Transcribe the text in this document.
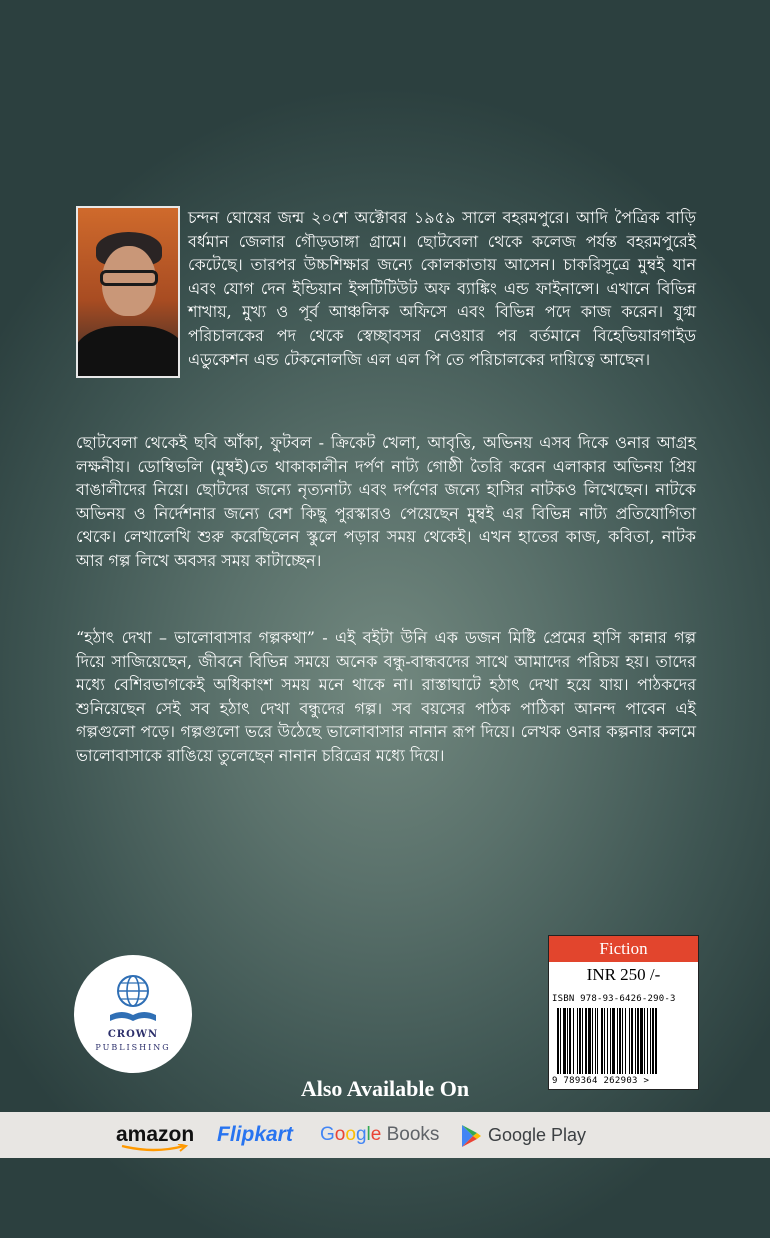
চন্দন ঘোষের জন্ম ২০শে অক্টোবর ১৯৫৯ সালে বহরমপুরে। আদি পৈত্রিক বাড়ি বর্ধমান জেলার গৌড়ডাঙ্গা গ্রামে। ছোটবেলা থেকে কলেজ পর্যন্ত বহরমপুরেই কেটেছে। তারপর উচ্চশিক্ষার জন্যে কোলকাতায় আসেন। চাকরিসূত্রে মুম্বই যান এবং যোগ দেন ইন্ডিয়ান ইন্সটিটিউট অফ ব্যাঙ্কিং এন্ড ফাইনান্সে। এখানে বিভিন্ন শাখায়, মুখ্য ও পূর্ব আঞ্চলিক অফিসে এবং বিভিন্ন পদে কাজ করেন। যুগ্ম পরিচালকের পদ থেকে স্বেচ্ছাবসর নেওয়ার পর বর্তমানে বিহেভিয়ারগাইড এডুকেশন এন্ড টেকনোলজি এল এল পি তে পরিচালকের দায়িত্বে আছেন।

ছোটবেলা থেকেই ছবি আঁকা, ফুটবল - ক্রিকেট খেলা, আবৃত্তি, অভিনয় এসব দিকে ওনার আগ্রহ লক্ষনীয়। ডোম্বিভলি (মুম্বই)তে থাকাকালীন দর্পণ নাট্য গোষ্ঠী তৈরি করেন এলাকার অভিনয় প্রিয় বাঙালীদের নিয়ে। ছোটদের জন্যে নৃত্যনাট্য এবং দর্পণের জন্যে হাসির নাটকও লিখেছেন। নাটকে অভিনয় ও নির্দেশনার জন্যে বেশ কিছু পুরস্কারও পেয়েছেন মুম্বই এর বিভিন্ন নাট্য প্রতিযোগিতা থেকে। লেখালেখি শুরু করেছিলেন স্কুলে পড়ার সময় থেকেই। এখন হাতের কাজ, কবিতা, নাটক আর গল্প লিখে অবসর সময় কাটাচ্ছেন।

“হঠাৎ দেখা – ভালোবাসার গল্পকথা” - এই বইটা উনি এক ডজন মিষ্টি প্রেমের হাসি কান্নার গল্প দিয়ে সাজিয়েছেন, জীবনে বিভিন্ন সময়ে অনেক বন্ধু-বান্ধবদের সাথে আমাদের পরিচয় হয়। তাদের মধ্যে বেশিরভাগকেই অধিকাংশ সময় মনে থাকে না। রাস্তাঘাটে হঠাৎ দেখা হয়ে যায়। পাঠকদের শুনিয়েছেন সেই সব হঠাৎ দেখা বন্ধুদের গল্প। সব বয়সের পাঠক পাঠিকা আনন্দ পাবেন এই গল্পগুলো পড়ে। গল্পগুলো ভরে উঠেছে ভালোবাসার নানান রূপ দিয়ে। লেখক ওনার কল্পনার কলমে ভালোবাসাকে রাঙিয়ে তুলেছেন নানান চরিত্রের মধ্যে দিয়ে।

CROWN
PUBLISHING
Fiction
INR 250 /-
ISBN 978-93-6426-290-3
9 789364 262903 >
Also Available On
amazon Flipkart Google Books	Google Play
